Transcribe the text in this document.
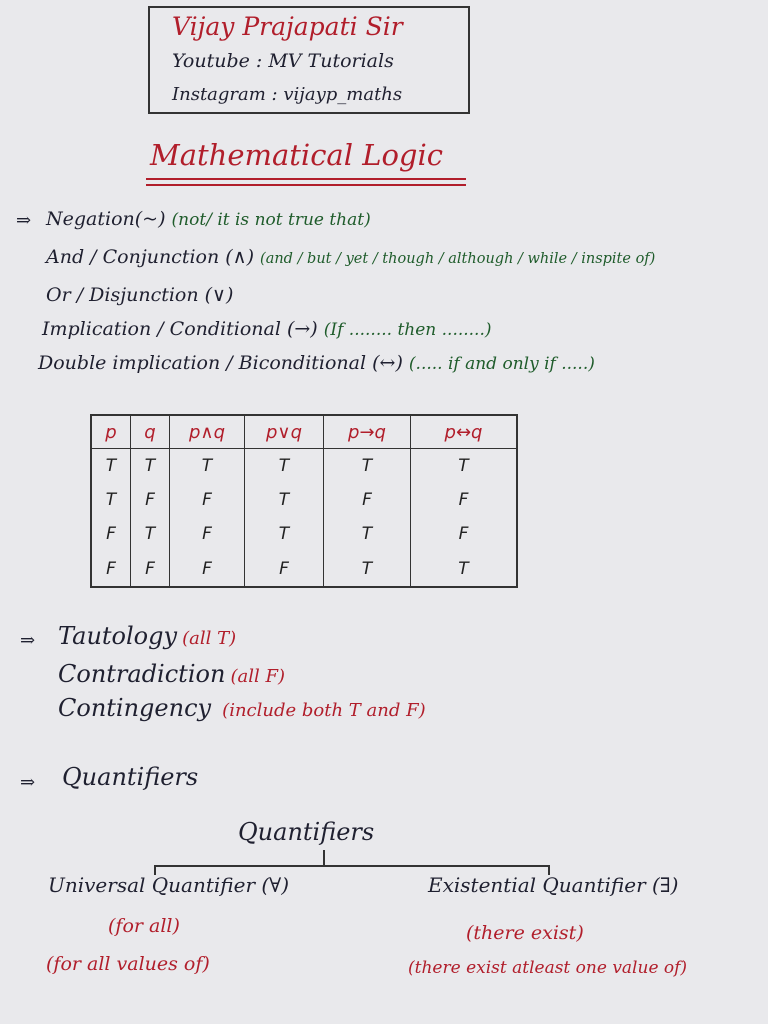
Vijay Prajapati Sir
Youtube : MV Tutorials
Instagram : vijayp_maths
Mathematical Logic
⇒ Negation(~) (not/ it is not true that)
And / Conjunction (∧) (and / but / yet / though / although / while / inspite of)
Or / Disjunction (∨)
Implication / Conditional (→) (If ........ then ........)
Double implication / Biconditional (↔) (..... if and only if .....)
p	q	p∧q	p∨q	p→q	p↔q
T	T	T	T	T	T
T	F	F	T	F	F
F	T	F	T	T	F
F	F	F	F	T	T
⇒ Tautology (all T)
Contradiction (all F)
Contingency (include both T and F)
⇒ Quantifiers
Quantifiers
Universal Quantifier (∀)
(for all)
(for all values of)
Existential Quantifier (∃)
(there exist)
(there exist atleast one value of)
